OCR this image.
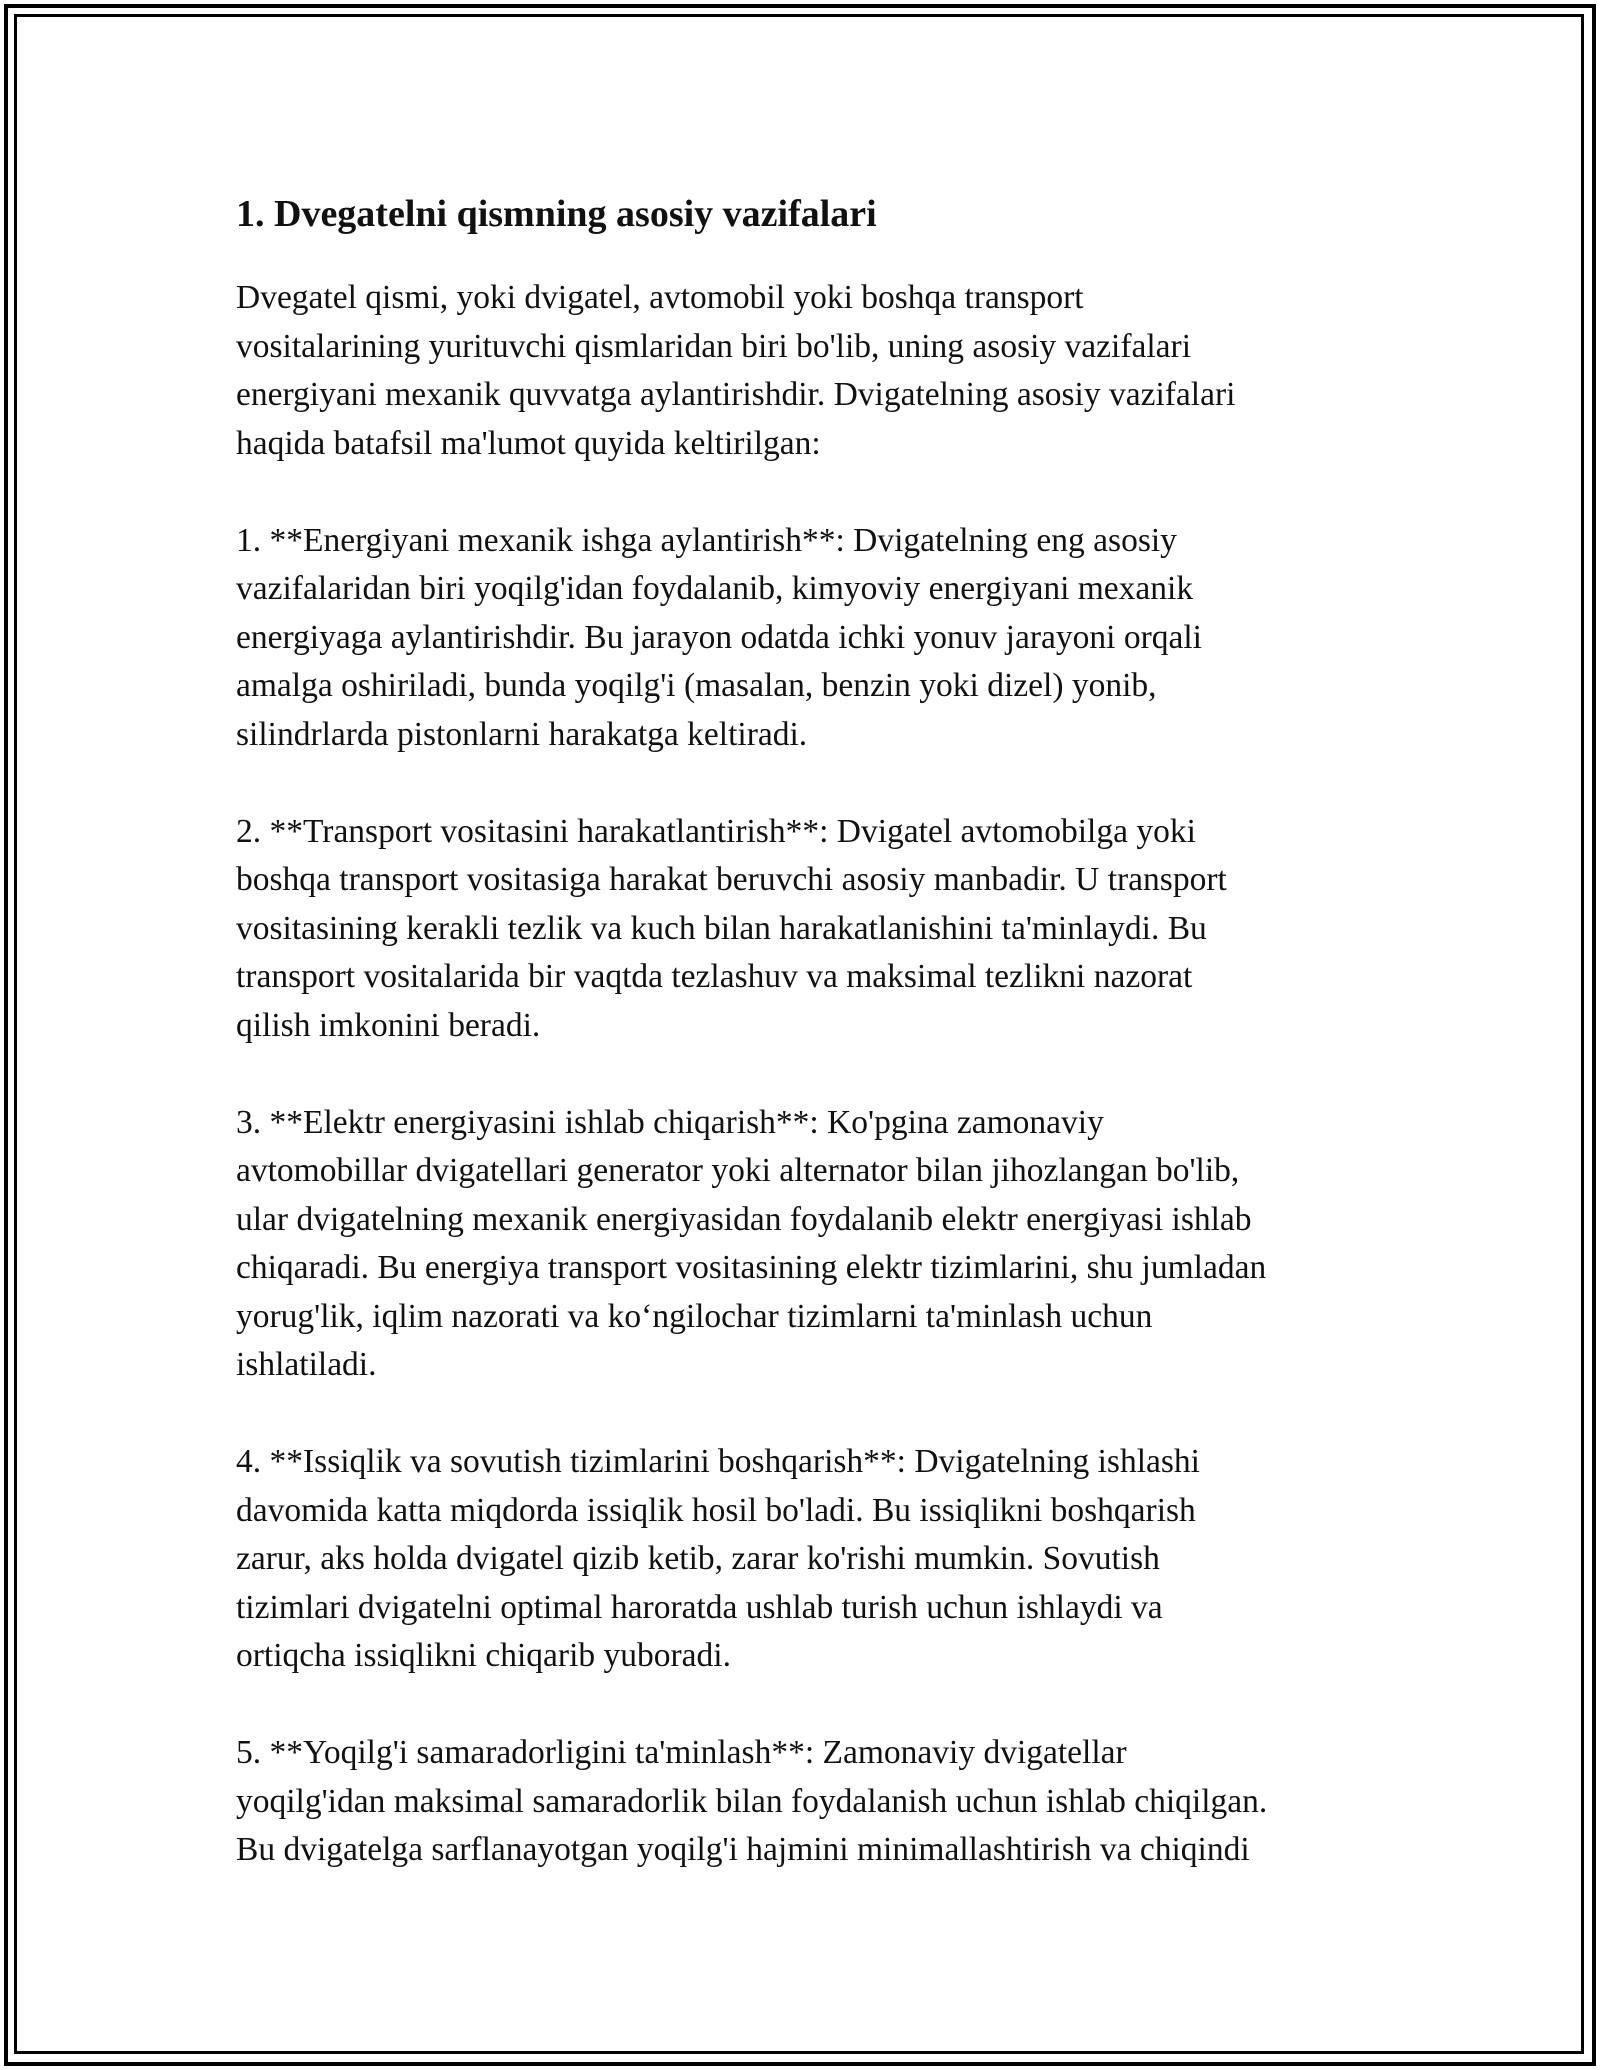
1. Dvegatelni qismning asosiy vazifalari

Dvegatel qismi, yoki dvigatel, avtomobil yoki boshqa transport
vositalarining yurituvchi qismlaridan biri bo'lib, uning asosiy vazifalari
energiyani mexanik quvvatga aylantirishdir. Dvigatelning asosiy vazifalari
haqida batafsil ma'lumot quyida keltirilgan:

1. **Energiyani mexanik ishga aylantirish**: Dvigatelning eng asosiy
vazifalaridan biri yoqilg'idan foydalanib, kimyoviy energiyani mexanik
energiyaga aylantirishdir. Bu jarayon odatda ichki yonuv jarayoni orqali
amalga oshiriladi, bunda yoqilg'i (masalan, benzin yoki dizel) yonib,
silindrlarda pistonlarni harakatga keltiradi.

2. **Transport vositasini harakatlantirish**: Dvigatel avtomobilga yoki
boshqa transport vositasiga harakat beruvchi asosiy manbadir. U transport
vositasining kerakli tezlik va kuch bilan harakatlanishini ta'minlaydi. Bu
transport vositalarida bir vaqtda tezlashuv va maksimal tezlikni nazorat
qilish imkonini beradi.

3. **Elektr energiyasini ishlab chiqarish**: Ko'pgina zamonaviy
avtomobillar dvigatellari generator yoki alternator bilan jihozlangan bo'lib,
ular dvigatelning mexanik energiyasidan foydalanib elektr energiyasi ishlab
chiqaradi. Bu energiya transport vositasining elektr tizimlarini, shu jumladan
yorug'lik, iqlim nazorati va ko‘ngilochar tizimlarni ta'minlash uchun
ishlatiladi.

4. **Issiqlik va sovutish tizimlarini boshqarish**: Dvigatelning ishlashi
davomida katta miqdorda issiqlik hosil bo'ladi. Bu issiqlikni boshqarish
zarur, aks holda dvigatel qizib ketib, zarar ko'rishi mumkin. Sovutish
tizimlari dvigatelni optimal haroratda ushlab turish uchun ishlaydi va
ortiqcha issiqlikni chiqarib yuboradi.

5. **Yoqilg'i samaradorligini ta'minlash**: Zamonaviy dvigatellar
yoqilg'idan maksimal samaradorlik bilan foydalanish uchun ishlab chiqilgan.
Bu dvigatelga sarflanayotgan yoqilg'i hajmini minimallashtirish va chiqindi
